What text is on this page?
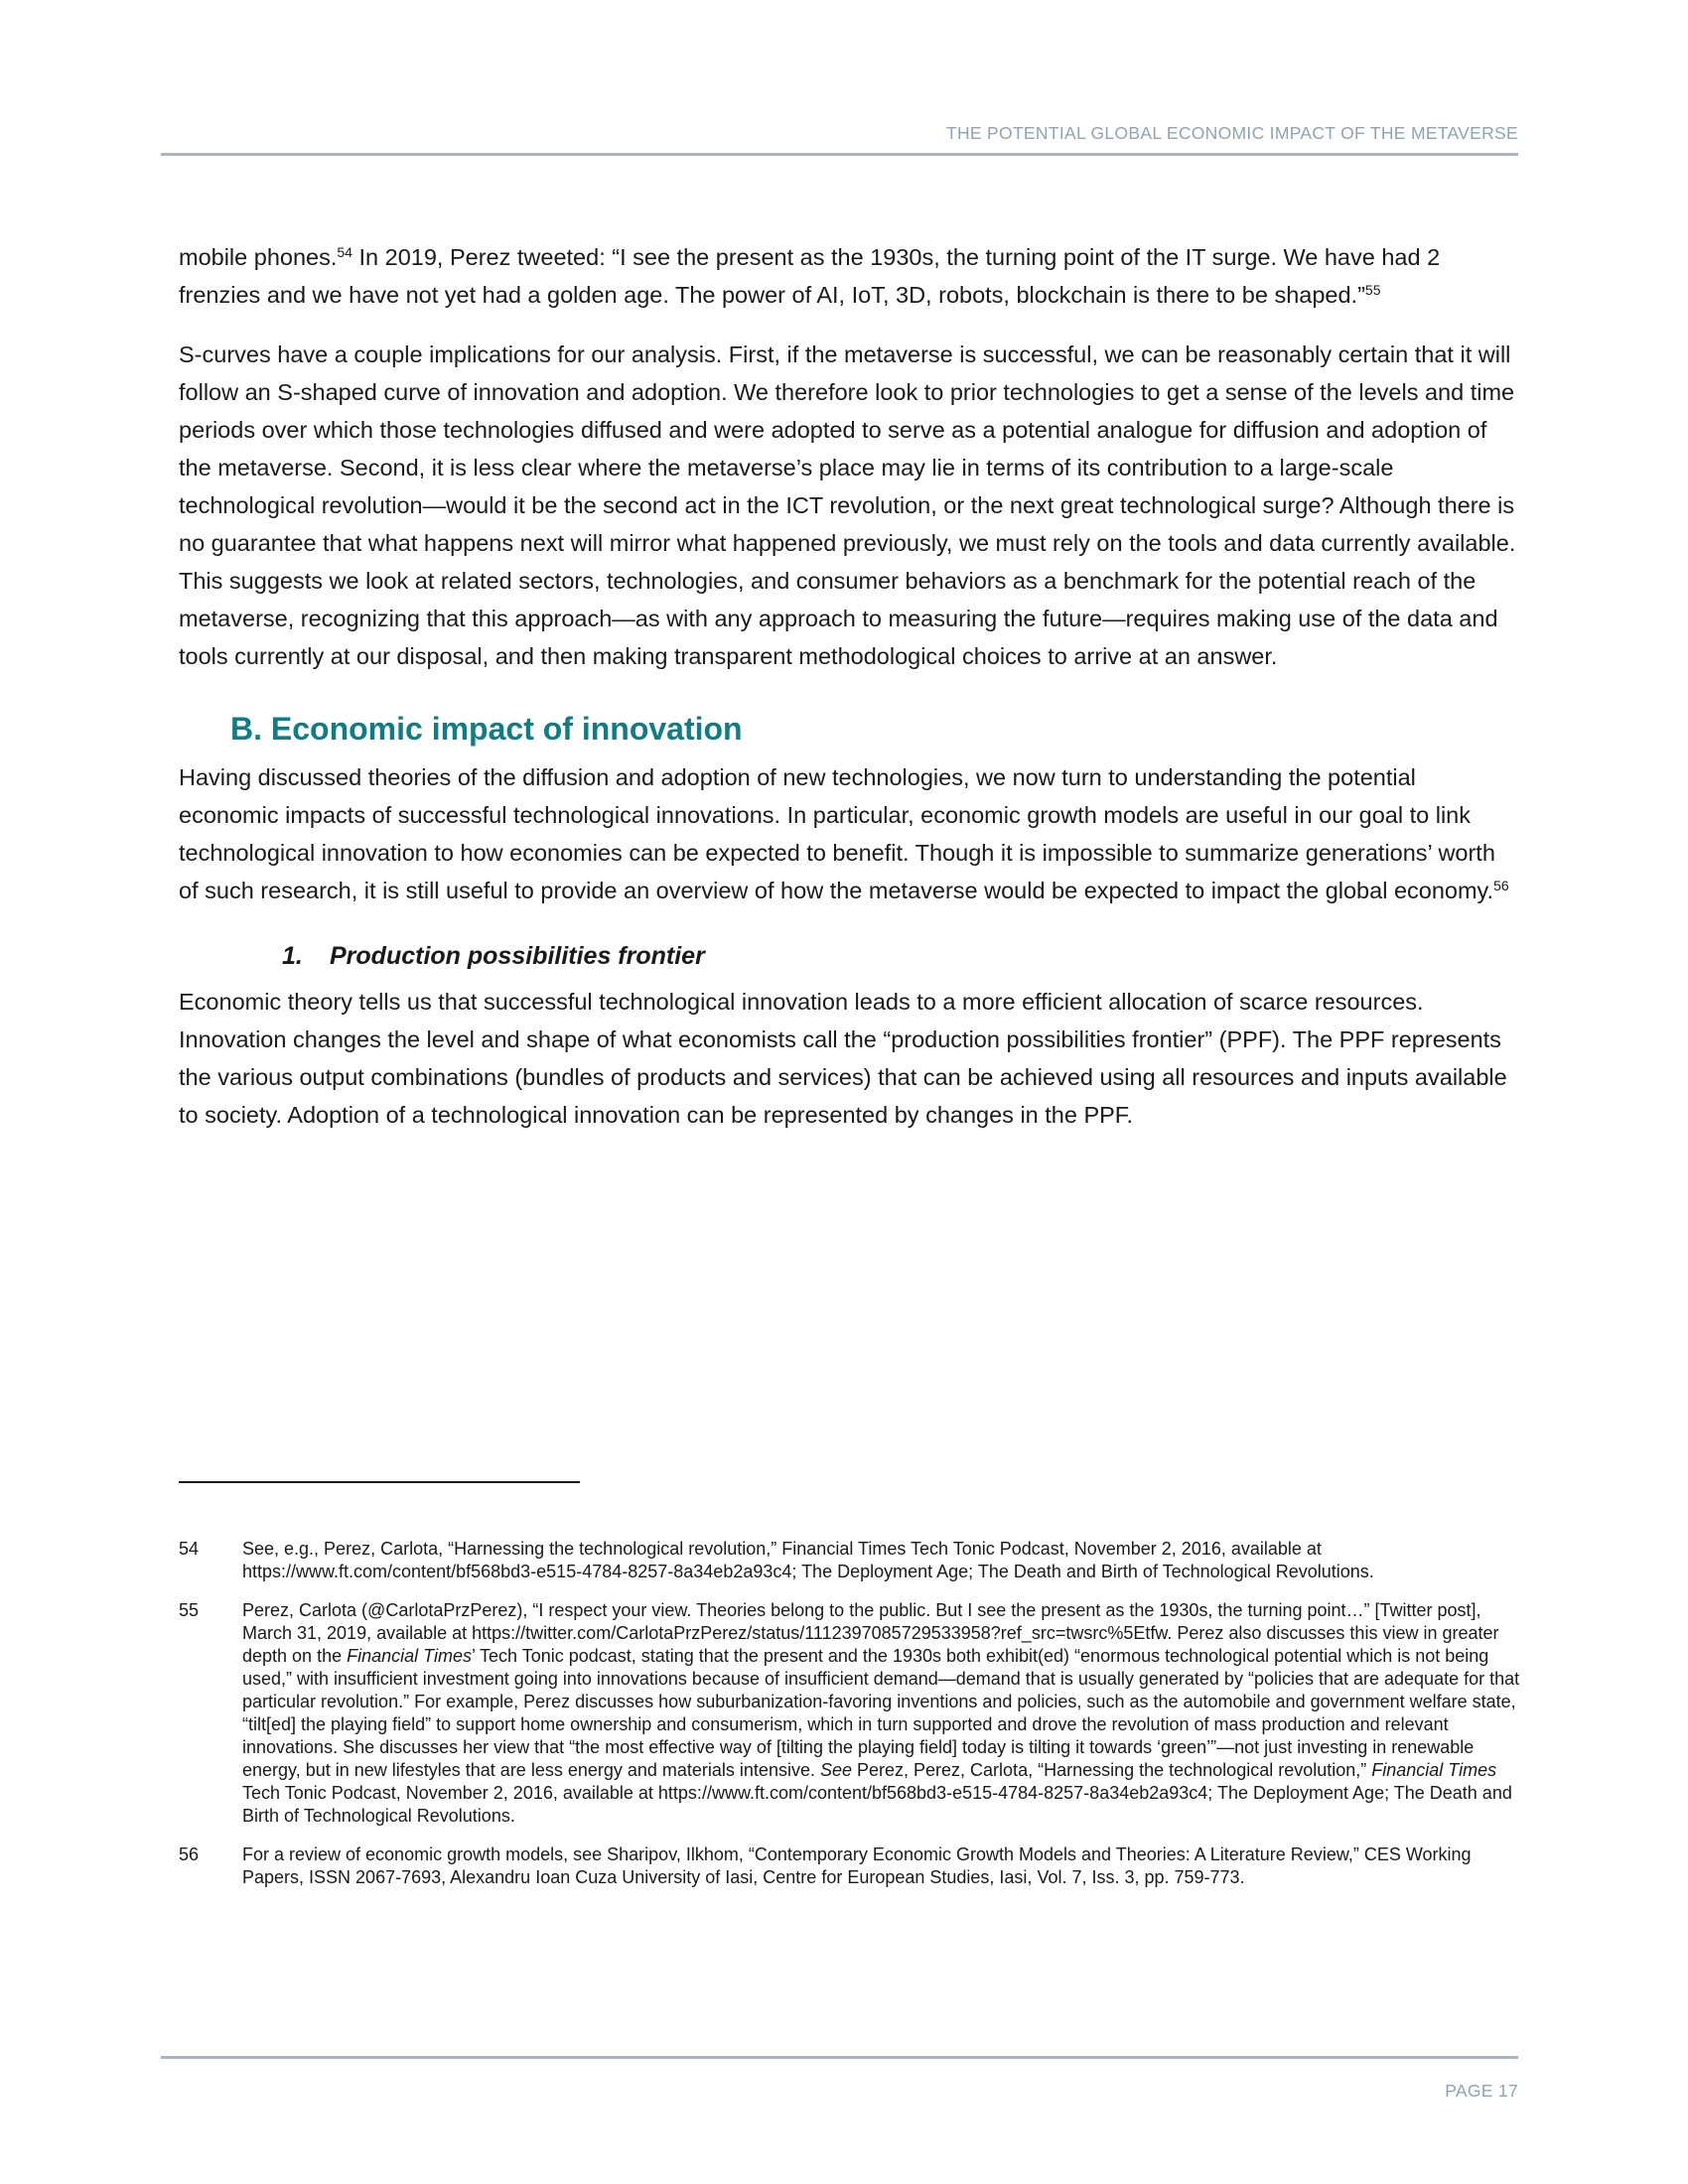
THE POTENTIAL GLOBAL ECONOMIC IMPACT OF THE METAVERSE

mobile phones.$^{54}$ In 2019, Perez tweeted: “I see the present as the 1930s, the turning point of the IT surge. We have had 2 frenzies and we have not yet had a golden age. The power of AI, IoT, 3D, robots, blockchain is there to be shaped.”$^{55}$

S-curves have a couple implications for our analysis. First, if the metaverse is successful, we can be reasonably certain that it will follow an S-shaped curve of innovation and adoption. We therefore look to prior technologies to get a sense of the levels and time periods over which those technologies diffused and were adopted to serve as a potential analogue for diffusion and adoption of the metaverse. Second, it is less clear where the metaverse’s place may lie in terms of its contribution to a large-scale technological revolution—would it be the second act in the ICT revolution, or the next great technological surge? Although there is no guarantee that what happens next will mirror what happened previously, we must rely on the tools and data currently available. This suggests we look at related sectors, technologies, and consumer behaviors as a benchmark for the potential reach of the metaverse, recognizing that this approach—as with any approach to measuring the future—requires making use of the data and tools currently at our disposal, and then making transparent methodological choices to arrive at an answer.

B. Economic impact of innovation

Having discussed theories of the diffusion and adoption of new technologies, we now turn to understanding the potential economic impacts of successful technological innovations. In particular, economic growth models are useful in our goal to link technological innovation to how economies can be expected to benefit. Though it is impossible to summarize generations’ worth of such research, it is still useful to provide an overview of how the metaverse would be expected to impact the global economy.$^{56}$

1. Production possibilities frontier

Economic theory tells us that successful technological innovation leads to a more efficient allocation of scarce resources. Innovation changes the level and shape of what economists call the “production possibilities frontier” (PPF). The PPF represents the various output combinations (bundles of products and services) that can be achieved using all resources and inputs available to society. Adoption of a technological innovation can be represented by changes in the PPF.

54	See, e.g., Perez, Carlota, “Harnessing the technological revolution,” Financial Times Tech Tonic Podcast, November 2, 2016, available at https://www.ft.com/content/bf568bd3-e515-4784-8257-8a34eb2a93c4; The Deployment Age; The Death and Birth of Technological Revolutions.
55	Perez, Carlota (@CarlotaPrzPerez), “I respect your view. Theories belong to the public. But I see the present as the 1930s, the turning point…” [Twitter post], March 31, 2019, available at https://twitter.com/CarlotaPrzPerez/status/1112397085729533958?ref_src=twsrc%5Etfw. Perez also discusses this view in greater depth on the Financial Times’ Tech Tonic podcast, stating that the present and the 1930s both exhibit(ed) “enormous technological potential which is not being used,” with insufficient investment going into innovations because of insufficient demand—demand that is usually generated by “policies that are adequate for that particular revolution.” For example, Perez discusses how suburbanization-favoring inventions and policies, such as the automobile and government welfare state, “tilt[ed] the playing field” to support home ownership and consumerism, which in turn supported and drove the revolution of mass production and relevant innovations. She discusses her view that “the most effective way of [tilting the playing field] today is tilting it towards ‘green’”—not just investing in renewable energy, but in new lifestyles that are less energy and materials intensive. See Perez, Perez, Carlota, “Harnessing the technological revolution,” Financial Times Tech Tonic Podcast, November 2, 2016, available at https://www.ft.com/content/bf568bd3-e515-4784-8257-8a34eb2a93c4; The Deployment Age; The Death and Birth of Technological Revolutions.
56	For a review of economic growth models, see Sharipov, Ilkhom, “Contemporary Economic Growth Models and Theories: A Literature Review,” CES Working Papers, ISSN 2067-7693, Alexandru Ioan Cuza University of Iasi, Centre for European Studies, Iasi, Vol. 7, Iss. 3, pp. 759-773.
PAGE 17
